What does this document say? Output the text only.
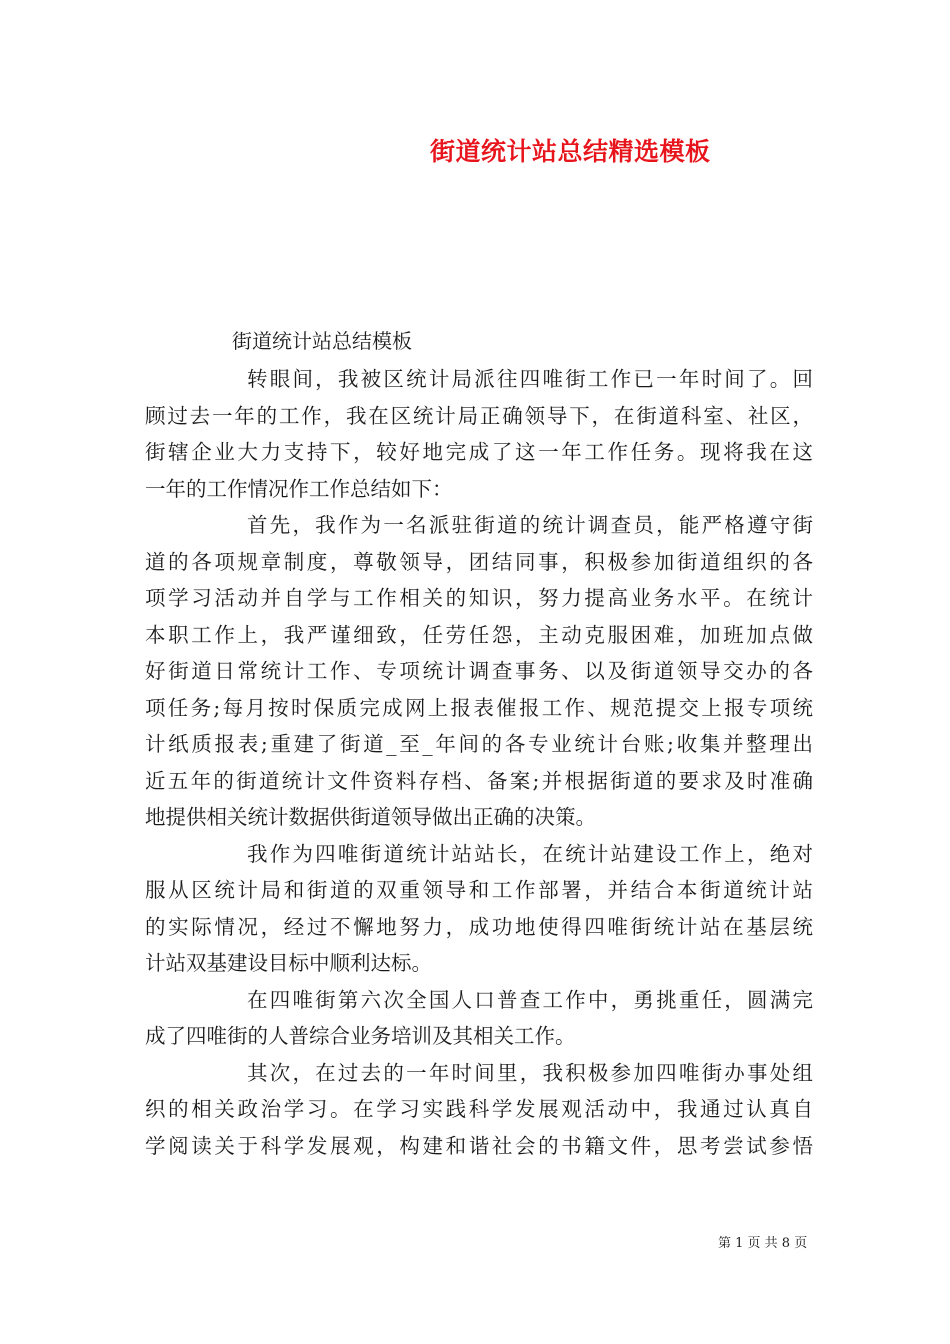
街道统计站总结精选模板
街道统计站总结模板
转眼间，我被区统计局派往四唯街工作已一年时间了。回
顾过去一年的工作，我在区统计局正确领导下，在街道科室、社区，
街辖企业大力支持下，较好地完成了这一年工作任务。现将我在这
一年的工作情况作工作总结如下：
首先，我作为一名派驻街道的统计调查员，能严格遵守街
道的各项规章制度，尊敬领导，团结同事，积极参加街道组织的各
项学习活动并自学与工作相关的知识，努力提高业务水平。在统计
本职工作上，我严谨细致，任劳任怨，主动克服困难，加班加点做
好街道日常统计工作、专项统计调查事务、以及街道领导交办的各
项任务;每月按时保质完成网上报表催报工作、规范提交上报专项统
计纸质报表;重建了街道_至_年间的各专业统计台账;收集并整理出
近五年的街道统计文件资料存档、备案;并根据街道的要求及时准确
地提供相关统计数据供街道领导做出正确的决策。
我作为四唯街道统计站站长，在统计站建设工作上，绝对
服从区统计局和街道的双重领导和工作部署，并结合本街道统计站
的实际情况，经过不懈地努力，成功地使得四唯街统计站在基层统
计站双基建设目标中顺利达标。
在四唯街第六次全国人口普查工作中，勇挑重任，圆满完
成了四唯街的人普综合业务培训及其相关工作。
其次，在过去的一年时间里，我积极参加四唯街办事处组
织的相关政治学习。在学习实践科学发展观活动中，我通过认真自
学阅读关于科学发展观，构建和谐社会的书籍文件，思考尝试参悟
第 1 页 共 8 页
